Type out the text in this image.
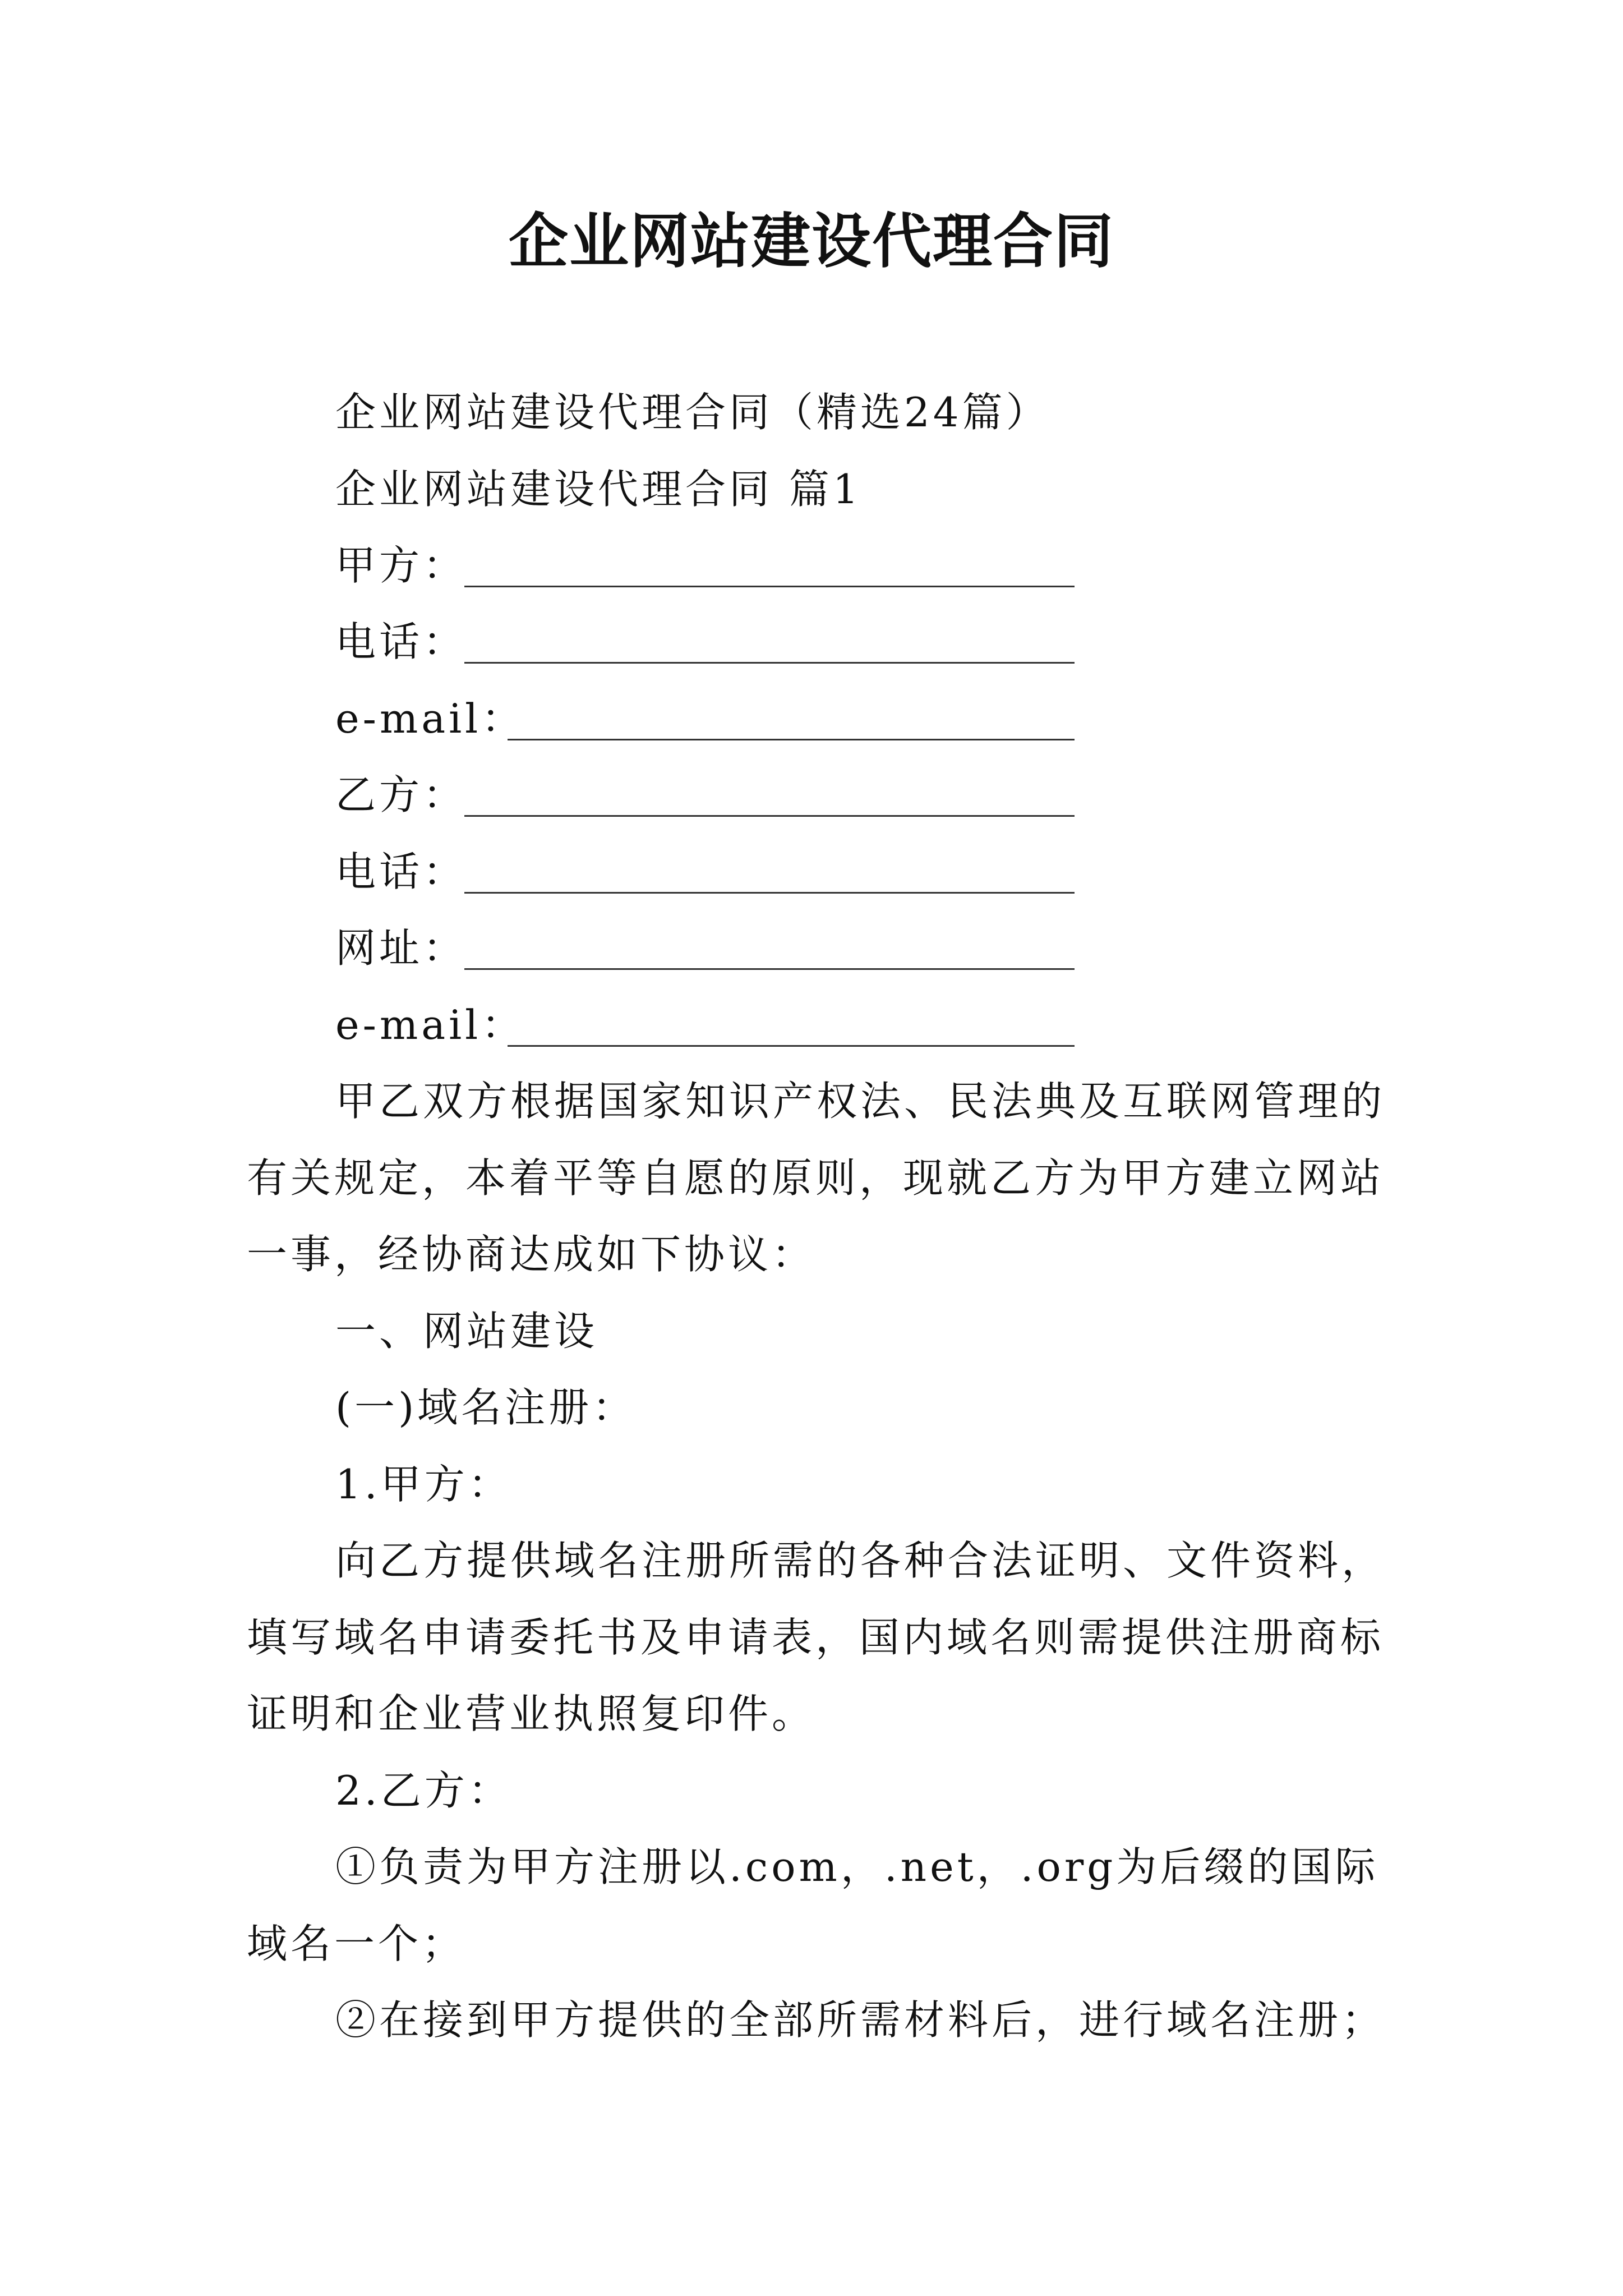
企业网站建设代理合同
企业网站建设代理合同（精选24篇）
企业网站建设代理合同 篇1
甲方：
电话：
e-mail：
乙方：
电话：
网址：
e-mail：
甲乙双方根据国家知识产权法、民法典及互联网管理的
有关规定，本着平等自愿的原则，现就乙方为甲方建立网站
一事，经协商达成如下协议：
一、网站建设
(一)域名注册：
1.甲方：
向乙方提供域名注册所需的各种合法证明、文件资料，
填写域名申请委托书及申请表，国内域名则需提供注册商标
证明和企业营业执照复印件。
2.乙方：
①负责为甲方注册以.com，.net，.org为后缀的国际
域名一个；
②在接到甲方提供的全部所需材料后，进行域名注册；
